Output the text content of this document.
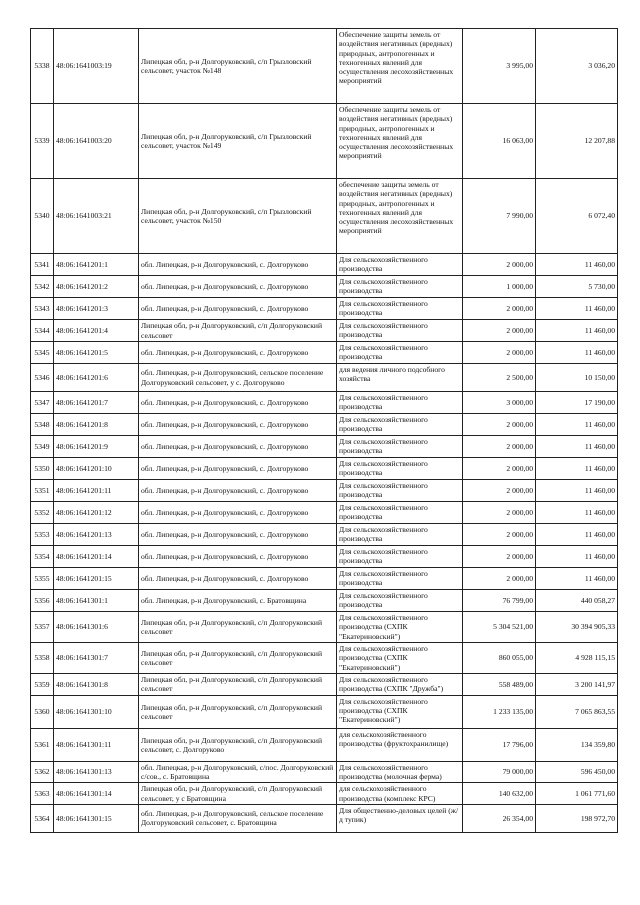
5338	48:06:1641003:19	Липецкая обл, р-н Долгоруковский, с/п Грызловский сельсовет, участок №148	Обеспечение защиты земель от воздействия негативных (вредных) природных, антропогенных и техногенных явлений для осуществления лесохозяйственных мероприятий	3 995,00	3 036,20
5339	48:06:1641003:20	Липецкая обл, р-н Долгоруковский, с/п Грызловский сельсовет, участок №149	Обеспечение защиты земель от воздействия негативных (вредных) природных, антропогенных и техногенных явлений для осуществления лесохозяйственных мероприятий	16 063,00	12 207,88
5340	48:06:1641003:21	Липецкая обл, р-н Долгоруковский, с/п Грызловский сельсовет, участок №150	обеспечение защиты земель от воздействия негативных (вредных) природных, антропогенных и техногенных явлений для осуществления лесохозяйственных мероприятий	7 990,00	6 072,40
5341	48:06:1641201:1	обл. Липецкая, р-н Долгоруковский, с. Долгоруково	Для сельскохозяйственного производства	2 000,00	11 460,00
5342	48:06:1641201:2	обл. Липецкая, р-н Долгоруковский, с. Долгоруково	Для сельскохозяйственного производства	1 000,00	5 730,00
5343	48:06:1641201:3	обл. Липецкая, р-н Долгоруковский, с. Долгоруково	Для сельскохозяйственного производства	2 000,00	11 460,00
5344	48:06:1641201:4	Липецкая обл, р-н Долгоруковский, с/п Долгоруковский сельсовет	Для сельскохозяйственного производства	2 000,00	11 460,00
5345	48:06:1641201:5	обл. Липецкая, р-н Долгоруковский, с. Долгоруково	Для сельскохозяйственного производства	2 000,00	11 460,00
5346	48:06:1641201:6	обл. Липецкая, р-н Долгоруковский, сельское поселение Долгоруковский сельсовет, у с. Долгоруково	для ведения личного подсобного хозяйства	2 500,00	10 150,00
5347	48:06:1641201:7	обл. Липецкая, р-н Долгоруковский, с. Долгоруково	Для сельскохозяйственного производства	3 000,00	17 190,00
5348	48:06:1641201:8	обл. Липецкая, р-н Долгоруковский, с. Долгоруково	Для сельскохозяйственного производства	2 000,00	11 460,00
5349	48:06:1641201:9	обл. Липецкая, р-н Долгоруковский, с. Долгоруково	Для сельскохозяйственного производства	2 000,00	11 460,00
5350	48:06:1641201:10	обл. Липецкая, р-н Долгоруковский, с. Долгоруково	Для сельскохозяйственного производства	2 000,00	11 460,00
5351	48:06:1641201:11	обл. Липецкая, р-н Долгоруковский, с. Долгоруково	Для сельскохозяйственного производства	2 000,00	11 460,00
5352	48:06:1641201:12	обл. Липецкая, р-н Долгоруковский, с. Долгоруково	Для сельскохозяйственного производства	2 000,00	11 460,00
5353	48:06:1641201:13	обл. Липецкая, р-н Долгоруковский, с. Долгоруково	Для сельскохозяйственного производства	2 000,00	11 460,00
5354	48:06:1641201:14	обл. Липецкая, р-н Долгоруковский, с. Долгоруково	Для сельскохозяйственного производства	2 000,00	11 460,00
5355	48:06:1641201:15	обл. Липецкая, р-н Долгоруковский, с. Долгоруково	Для сельскохозяйственного производства	2 000,00	11 460,00
5356	48:06:1641301:1	обл. Липецкая, р-н Долгоруковский, с. Братовщина	Для сельскохозяйственного производства	76 799,00	440 058,27
5357	48:06:1641301:6	Липецкая обл, р-н Долгоруковский, с/п Долгоруковский сельсовет	Для сельскохозяйственного производства (СХПК "Екатериновский")	5 304 521,00	30 394 905,33
5358	48:06:1641301:7	Липецкая обл, р-н Долгоруковский, с/п Долгоруковский сельсовет	Для сельскохозяйственного производства (СХПК "Екатериновский")	860 055,00	4 928 115,15
5359	48:06:1641301:8	Липецкая обл, р-н Долгоруковский, с/п Долгоруковский сельсовет	Для сельскохозяйственного производства (СХПК "Дружба")	558 489,00	3 200 141,97
5360	48:06:1641301:10	Липецкая обл, р-н Долгоруковский, с/п Долгоруковский сельсовет	Для сельскохозяйственного производства (СХПК "Екатериновский")	1 233 135,00	7 065 863,55
5361	48:06:1641301:11	Липецкая обл, р-н Долгоруковский, с/п Долгоруковский сельсовет, с. Долгоруково	для сельскохозяйственного производства (фруктохранилище)	17 796,00	134 359,80
5362	48:06:1641301:13	обл. Липецкая, р-н Долгоруковский, с/пос. Долгоруковский с/сов., с. Братовщина	Для сельскохозяйственного производства (молочная ферма)	79 000,00	596 450,00
5363	48:06:1641301:14	Липецкая обл, р-н Долгоруковский, с/п Долгоруковский сельсовет, у с Братовщина	для сельскохозяйственного производства (комплекс КРС)	140 632,00	1 061 771,60
5364	48:06:1641301:15	обл. Липецкая, р-н Долгоруковский, сельское поселение Долгоруковский сельсовет, с. Братовщина	Для общественно-деловых целей (ж/д тупик)	26 354,00	198 972,70
